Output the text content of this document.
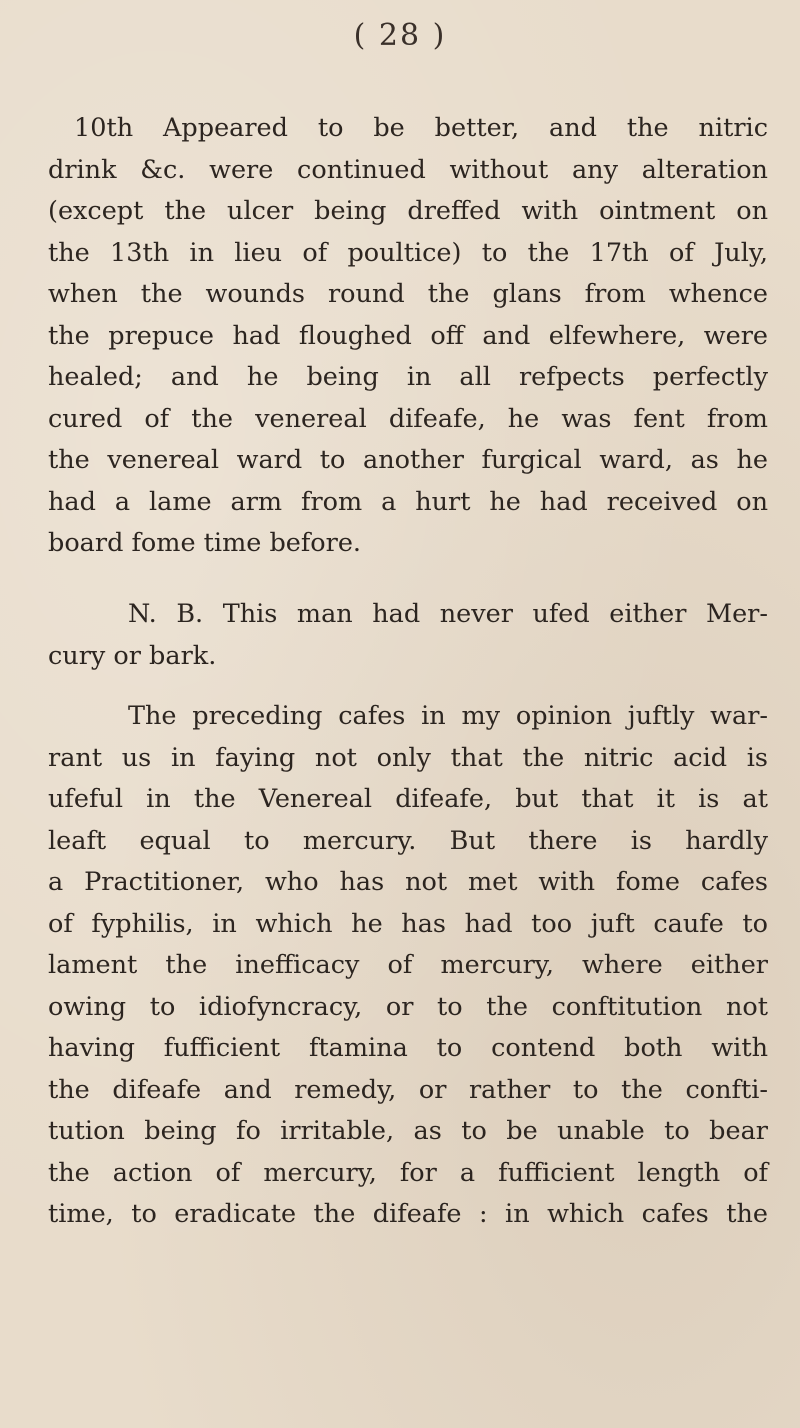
( 28 )
10th Appeared to be better, and the nitric
drink &c. were continued without any alteration
(except the ulcer being dreffed with ointment on
the 13th in lieu of poultice) to the 17th of July,
when the wounds round the glans from whence
the prepuce had floughed off and elfewhere, were
healed; and he being in all refpects perfectly
cured of the venereal difeafe, he was fent from
the venereal ward to another furgical ward, as he
had a lame arm from a hurt he had received on
board fome time before.
N. B. This man had never ufed either Mer-
cury or bark.
The preceding cafes in my opinion juftly war-
rant us in faying not only that the nitric acid is
ufeful in the Venereal difeafe, but that it is at
leaft equal to mercury. But there is hardly
a Practitioner, who has not met with fome cafes
of fyphilis, in which he has had too juft caufe to
lament the inefficacy of mercury, where either
owing to idiofyncracy, or to the conftitution not
having fufficient ftamina to contend both with
the difeafe and remedy, or rather to the confti-
tution being fo irritable, as to be unable to bear
the action of mercury, for a fufficient length of
time, to eradicate the difeafe : in which cafes the
